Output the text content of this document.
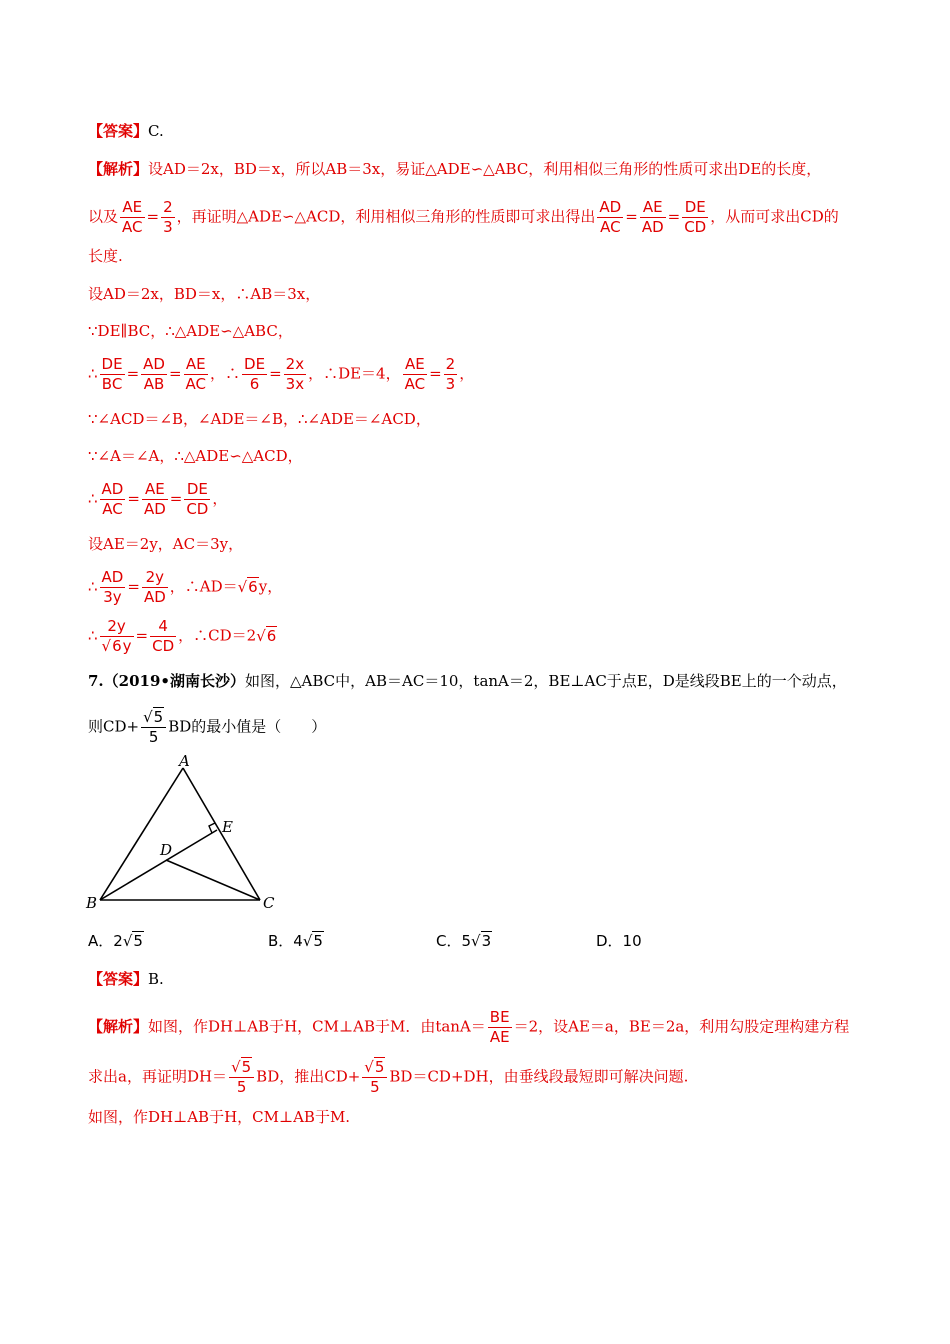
【答案】C.
【解析】设AD＝2x，BD＝x，所以AB＝3x，易证△ADE∽△ABC，利用相似三角形的性质可求出DE的长度，
以及 $\frac{AE}{AC} = \frac{2}{3}$ ，再证明△ADE∽△ACD，利用相似三角形的性质即可求出得出 $\frac{AD}{AC} = \frac{AE}{AD} = \frac{DE}{CD}$ ，从而可求出CD的
长度.
设AD＝2x，BD＝x，∴AB＝3x，
∵DE∥BC，∴△ADE∽△ABC，
∴ $\frac{DE}{BC} = \frac{AD}{AB} = \frac{AE}{AC}$ ，∴ $\frac{DE}{6} = \frac{2x}{3x}$ ，∴DE＝4， $\frac{AE}{AC} = \frac{2}{3}$ ，
∵∠ACD＝∠B，∠ADE＝∠B，∴∠ADE＝∠ACD，
∵∠A＝∠A，∴△ADE∽△ACD，
∴ $\frac{AD}{AC} = \frac{AE}{AD} = \frac{DE}{CD}$ ，
设AE＝2y，AC＝3y，
∴ $\frac{AD}{3y} = \frac{2y}{AD}$ ，∴AD＝√6y，
∴ $\frac{2y}{√6y} = \frac{4}{CD}$ ，∴CD＝2√6
7.（2019•湖南长沙）如图，△ABC中，AB＝AC＝10，tanA＝2，BE⊥AC于点E，D是线段BE上的一个动点，
则$CD+ \frac{√5}{5}$ BD的最小值是（　　）
A
B	C
D
E
A．2√5	B．4√5	C．5√3	D．10
【答案】B.
【解析】如图，作DH⊥AB于H，CM⊥AB于M．由$\tan A= \frac{BE}{AE} =2$，设AE＝a，BE＝2a，利用勾股定理构建方程
求出a，再证明$DH= \frac{√5}{5}$ BD，推出$CD+ \frac{√5}{5} BD=CD+DH$，由垂线段最短即可解决问题.
如图，作DH⊥AB于H，CM⊥AB于M.
